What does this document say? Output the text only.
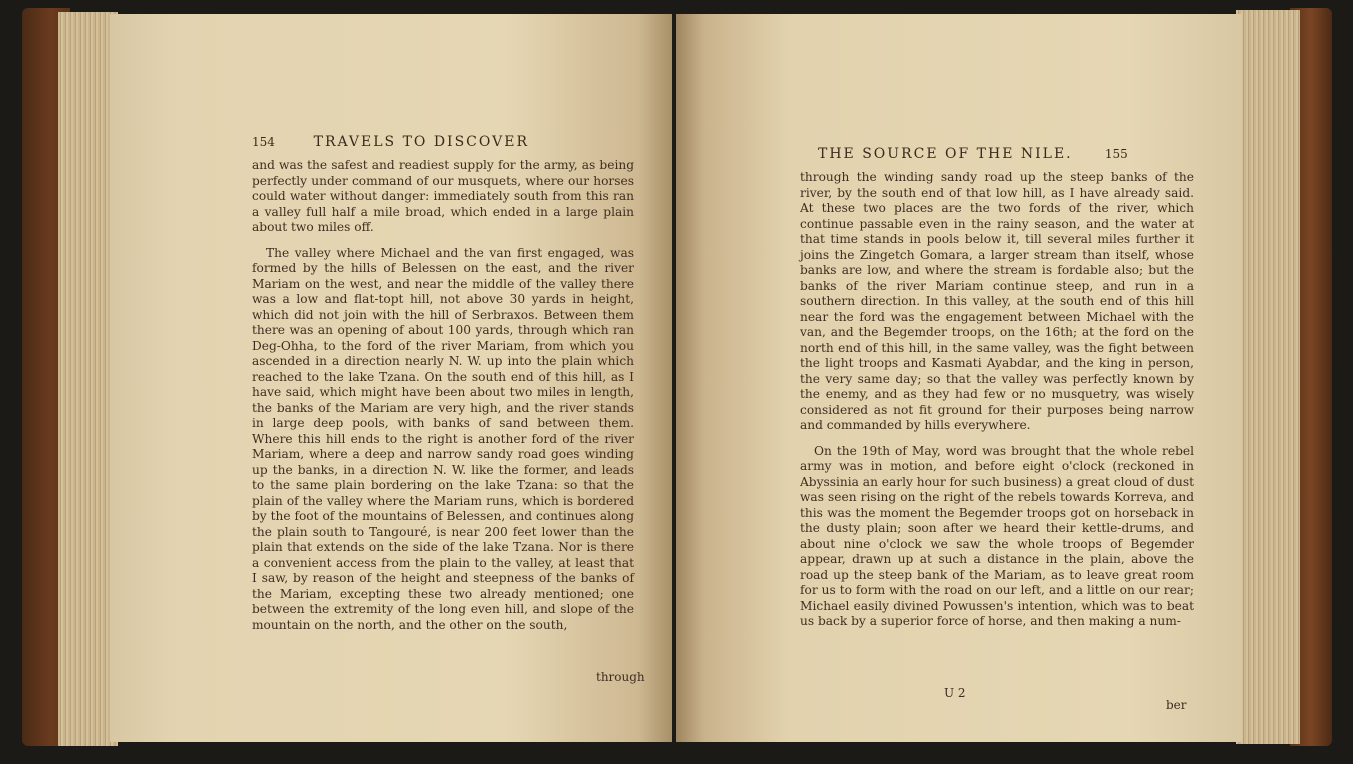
154	TRAVELS TO DISCOVER

and was the safest and readiest supply for the army, as being perfectly under command of our musquets, where our horses could water without danger: immediately south from this ran a valley full half a mile broad, which ended in a large plain about two miles off.

The valley where Michael and the van first engaged, was formed by the hills of Belessen on the east, and the river Mariam on the west, and near the middle of the valley there was a low and flat-topt hill, not above 30 yards in height, which did not join with the hill of Serbraxos. Between them there was an opening of about 100 yards, through which ran Deg-Ohha, to the ford of the river Mariam, from which you ascended in a direction nearly N. W. up into the plain which reached to the lake Tzana. On the south end of this hill, as I have said, which might have been about two miles in length, the banks of the Mariam are very high, and the river stands in large deep pools, with banks of sand between them. Where this hill ends to the right is another ford of the river Mariam, where a deep and narrow sandy road goes winding up the banks, in a direction N. W. like the former, and leads to the same plain bordering on the lake Tzana: so that the plain of the valley where the Mariam runs, which is bordered by the foot of the mountains of Belessen, and continues along the plain south to Tangouré, is near 200 feet lower than the plain that extends on the side of the lake Tzana. Nor is there a convenient access from the plain to the valley, at least that I saw, by reason of the height and steepness of the banks of the Mariam, excepting these two already mentioned; one between the extremity of the long even hill, and slope of the mountain on the north, and the other on the south,

through
THE SOURCE OF THE NILE.	155

through the winding sandy road up the steep banks of the river, by the south end of that low hill, as I have already said. At these two places are the two fords of the river, which continue passable even in the rainy season, and the water at that time stands in pools below it, till several miles further it joins the Zingetch Gomara, a larger stream than itself, whose banks are low, and where the stream is fordable also; but the banks of the river Mariam continue steep, and run in a southern direction. In this valley, at the south end of this hill near the ford was the engagement between Michael with the van, and the Begemder troops, on the 16th; at the ford on the north end of this hill, in the same valley, was the fight between the light troops and Kasmati Ayabdar, and the king in person, the very same day; so that the valley was perfectly known by the enemy, and as they had few or no musquetry, was wisely considered as not fit ground for their purposes being narrow and commanded by hills everywhere.

On the 19th of May, word was brought that the whole rebel army was in motion, and before eight o'clock (reckoned in Abyssinia an early hour for such business) a great cloud of dust was seen rising on the right of the rebels towards Korreva, and this was the moment the Begemder troops got on horseback in the dusty plain; soon after we heard their kettle-drums, and about nine o'clock we saw the whole troops of Begemder appear, drawn up at such a distance in the plain, above the road up the steep bank of the Mariam, as to leave great room for us to form with the road on our left, and a little on our rear; Michael easily divined Powussen's intention, which was to beat us back by a superior force of horse, and then making a num-

U 2
ber
